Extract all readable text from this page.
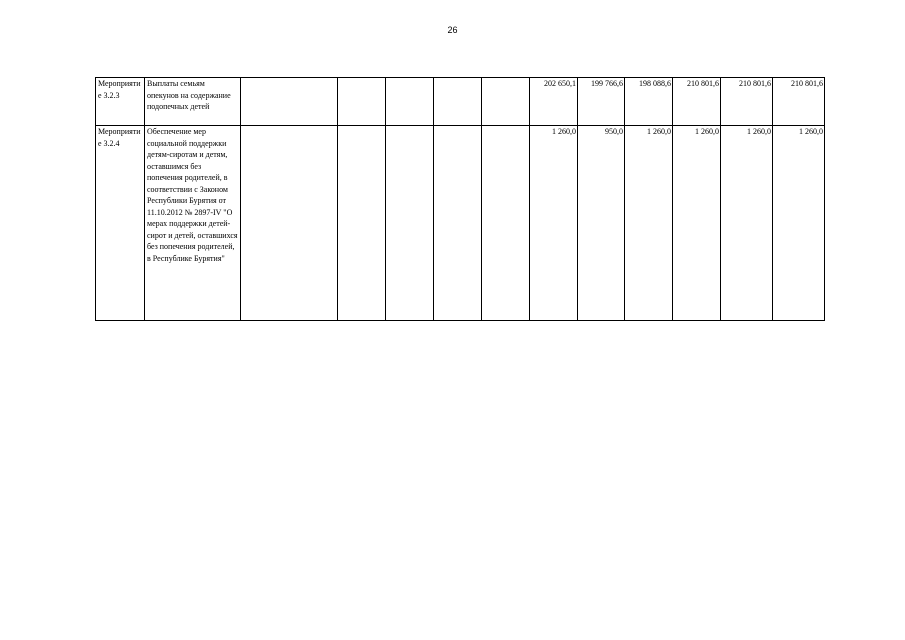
26
Мероприятие 3.2.3	Выплаты семьям опекунов на содержание подопечных детей						202 650,1	199 766,6	198 088,6	210 801,6	210 801,6	210 801,6
Мероприятие 3.2.4	Обеспечение мер социальной поддержки детям-сиротам и детям, оставшимся без попечения родителей, в соответствии с Законом Республики Бурятия от 11.10.2012 № 2897-IV "О мерах поддержки детей-сирот и детей, оставшихся без попечения родителей, в Республике Бурятия"						1 260,0	950,0	1 260,0	1 260,0	1 260,0	1 260,0
